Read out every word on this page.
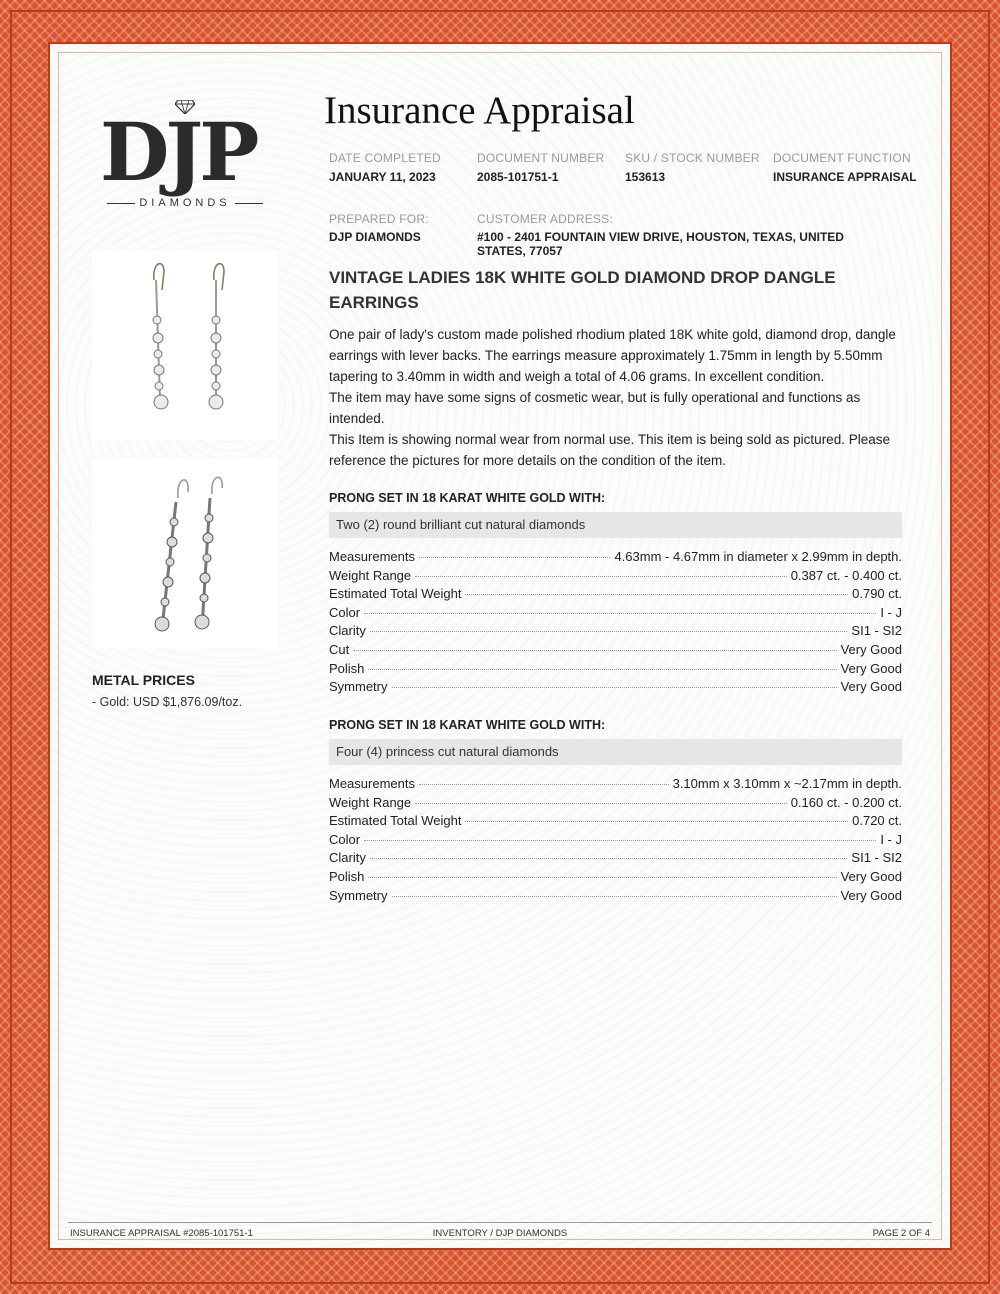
DJP
DIAMONDS
METAL PRICES
- Gold: USD $1,876.09/toz.
Insurance Appraisal
DATE COMPLETED
JANUARY 11, 2023
DOCUMENT NUMBER
2085-101751-1
SKU / STOCK NUMBER
153613
DOCUMENT FUNCTION
INSURANCE APPRAISAL
PREPARED FOR:
DJP DIAMONDS
CUSTOMER ADDRESS:
#100 - 2401 FOUNTAIN VIEW DRIVE, HOUSTON, TEXAS, UNITED
STATES, 77057
VINTAGE LADIES 18K WHITE GOLD DIAMOND DROP DANGLE EARRINGS

One pair of lady's custom made polished rhodium plated 18K white gold, diamond drop, dangle earrings with lever backs. The earrings measure approximately 1.75mm in length by 5.50mm tapering to 3.40mm in width and weigh a total of 4.06 grams. In excellent condition.

The item may have some signs of cosmetic wear, but is fully operational and functions as intended.

This Item is showing normal wear from normal use. This item is being sold as pictured. Please reference the pictures for more details on the condition of the item.

PRONG SET IN 18 KARAT WHITE GOLD WITH:
Two (2) round brilliant cut natural diamonds
Measurements	4.63mm - 4.67mm in diameter x 2.99mm in depth.
Weight Range	0.387 ct. - 0.400 ct.
Estimated Total Weight	0.790 ct.
Color	I - J
Clarity	SI1 - SI2
Cut	Very Good
Polish	Very Good
Symmetry	Very Good
PRONG SET IN 18 KARAT WHITE GOLD WITH:
Four (4) princess cut natural diamonds
Measurements	3.10mm x 3.10mm x ~2.17mm in depth.
Weight Range	0.160 ct. - 0.200 ct.
Estimated Total Weight	0.720 ct.
Color	I - J
Clarity	SI1 - SI2
Polish	Very Good
Symmetry	Very Good
INSURANCE APPRAISAL #2085-101751-1	INVENTORY / DJP DIAMONDS	PAGE 2 OF 4
